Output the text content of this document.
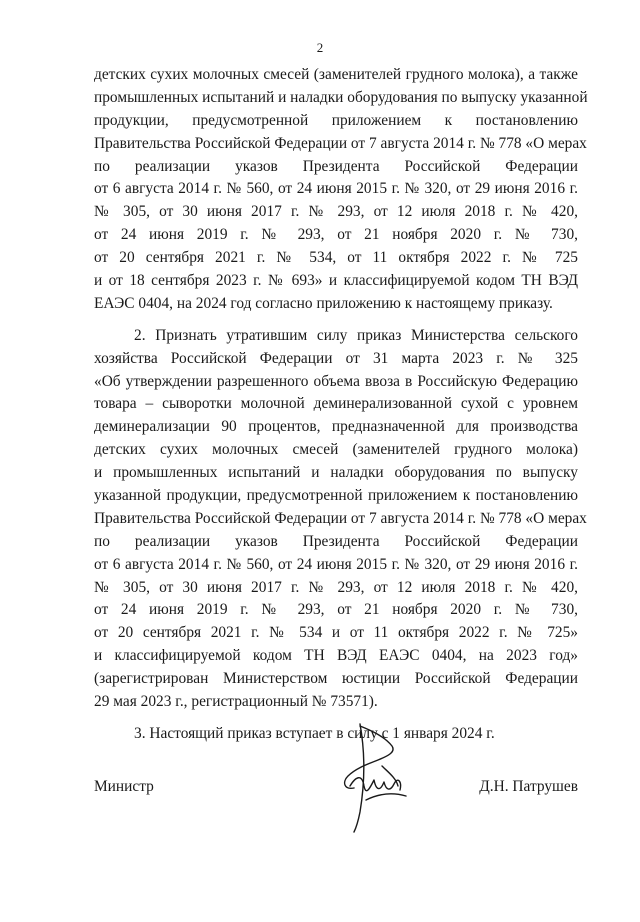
2
детских сухих молочных смесей (заменителей грудного молока), а также
промышленных испытаний и наладки оборудования по выпуску указанной
продукции, предусмотренной приложением к постановлению
Правительства Российской Федерации от 7 августа 2014 г. № 778 «О мерах
по реализации указов Президента Российской Федерации
от 6 августа 2014 г. № 560, от 24 июня 2015 г. № 320, от 29 июня 2016 г.
№ 305, от 30 июня 2017 г. № 293, от 12 июля 2018 г. № 420,
от 24 июня 2019 г. № 293, от 21 ноября 2020 г. № 730,
от 20 сентября 2021 г. № 534, от 11 октября 2022 г. № 725
и от 18 сентября 2023 г. № 693» и классифицируемой кодом ТН ВЭД
ЕАЭС 0404, на 2024 год согласно приложению к настоящему приказу.
2. Признать утратившим силу приказ Министерства сельского
хозяйства Российской Федерации от 31 марта 2023 г. № 325
«Об утверждении разрешенного объема ввоза в Российскую Федерацию
товара – сыворотки молочной деминерализованной сухой с уровнем
деминерализации 90 процентов, предназначенной для производства
детских сухих молочных смесей (заменителей грудного молока)
и промышленных испытаний и наладки оборудования по выпуску
указанной продукции, предусмотренной приложением к постановлению
Правительства Российской Федерации от 7 августа 2014 г. № 778 «О мерах
по реализации указов Президента Российской Федерации
от 6 августа 2014 г. № 560, от 24 июня 2015 г. № 320, от 29 июня 2016 г.
№ 305, от 30 июня 2017 г. № 293, от 12 июля 2018 г. № 420,
от 24 июня 2019 г. № 293, от 21 ноября 2020 г. № 730,
от 20 сентября 2021 г. № 534 и от 11 октября 2022 г. № 725»
и классифицируемой кодом ТН ВЭД ЕАЭС 0404, на 2023 год»
(зарегистрирован Министерством юстиции Российской Федерации
29 мая 2023 г., регистрационный № 73571).
3. Настоящий приказ вступает в силу с 1 января 2024 г.
Министр	Д.Н. Патрушев
